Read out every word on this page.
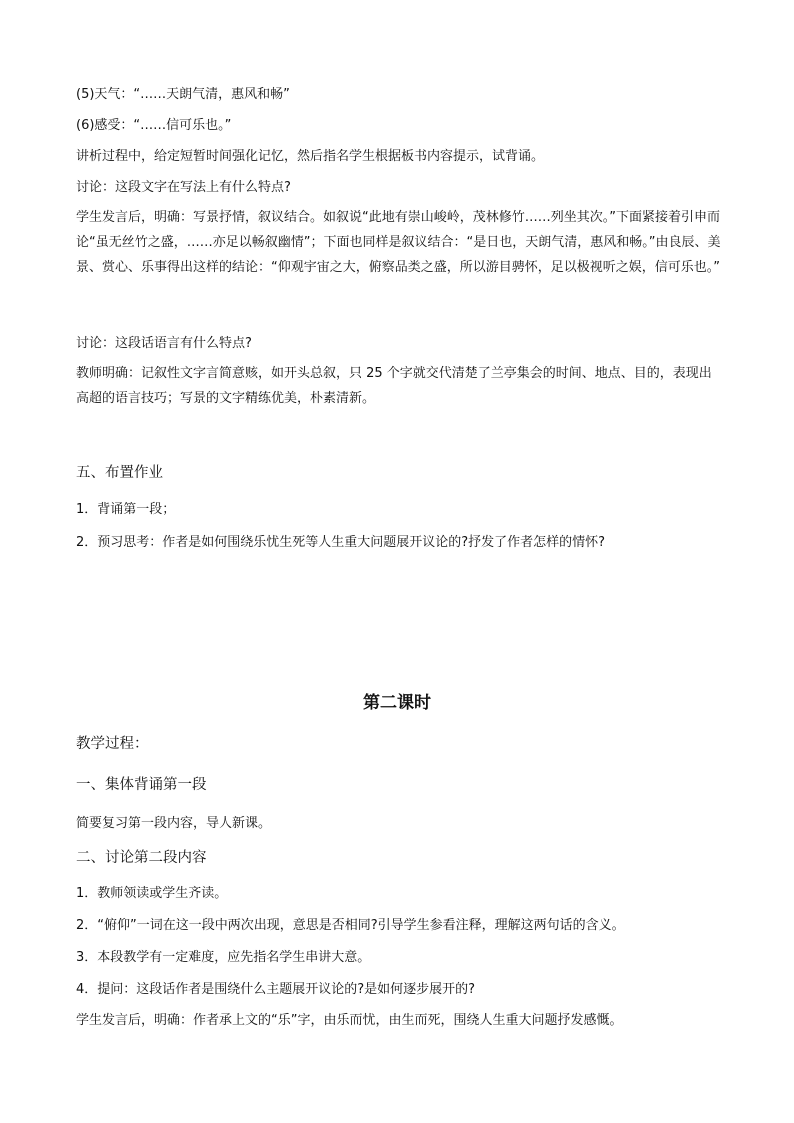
(5)天气：“……天朗气清，惠风和畅”
(6)感受：“……信可乐也。”
讲析过程中，给定短暂时间强化记忆，然后指名学生根据板书内容提示，试背诵。
讨论：这段文字在写法上有什么特点?
学生发言后，明确：写景抒情，叙议结合。如叙说“此地有崇山峻岭，茂林修竹……列坐其次。”下面紧接着引申而论“虽无丝竹之盛，……亦足以畅叙幽情”；下面也同样是叙议结合：“是日也，天朗气清，惠风和畅。”由良辰、美景、赏心、乐事得出这样的结论：“仰观宇宙之大，俯察品类之盛，所以游目骋怀，足以极视听之娱，信可乐也。”
讨论：这段话语言有什么特点?
教师明确：记叙性文字言简意赅，如开头总叙，只 25 个字就交代清楚了兰亭集会的时间、地点、目的，表现出高超的语言技巧；写景的文字精练优美，朴素清新。
五、布置作业
1．背诵第一段；
2．预习思考：作者是如何围绕乐忧生死等人生重大问题展开议论的?抒发了作者怎样的情怀?
第二课时
教学过程：
一、集体背诵第一段
简要复习第一段内容，导人新课。
二、讨论第二段内容
1．教师领读或学生齐读。
2．“俯仰”一词在这一段中两次出现，意思是否相同?引导学生参看注释，理解这两句话的含义。
3．本段教学有一定难度，应先指名学生串讲大意。
4．提问：这段话作者是围绕什么主题展开议论的?是如何逐步展开的?
学生发言后，明确：作者承上文的“乐”字，由乐而忧，由生而死，围绕人生重大问题抒发感慨。
